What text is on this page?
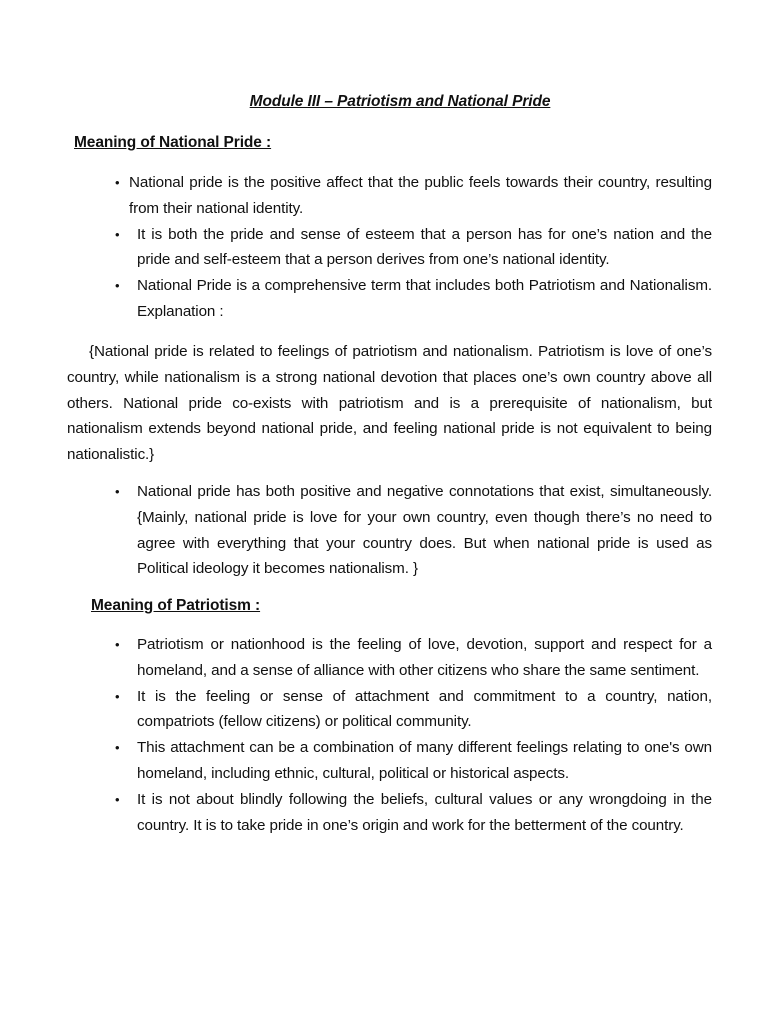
Module III – Patriotism and National Pride
Meaning of National Pride :
• National pride is the positive affect that the public feels towards their country, resulting from their national identity.
• It is both the pride and sense of esteem that a person has for one’s nation and the pride and self-esteem that a person derives from one’s national identity.
• National Pride is a comprehensive term that includes both Patriotism and Nationalism. Explanation :
{National pride is related to feelings of patriotism and nationalism. Patriotism is love of one’s country, while nationalism is a strong national devotion that places one’s own country above all others. National pride co-exists with patriotism and is a prerequisite of nationalism, but nationalism extends beyond national pride, and feeling national pride is not equivalent to being nationalistic.}
• National pride has both positive and negative connotations that exist, simultaneously. {Mainly, national pride is love for your own country, even though there’s no need to agree with everything that your country does. But when national pride is used as Political ideology it becomes nationalism. }
Meaning of Patriotism :
• Patriotism or nationhood is the feeling of love, devotion, support and respect for a homeland, and a sense of alliance with other citizens who share the same sentiment.
• It is the feeling or sense of attachment and commitment to a country, nation, compatriots (fellow citizens) or political community.
• This attachment can be a combination of many different feelings relating to one's own homeland, including ethnic, cultural, political or historical aspects.
• It is not about blindly following the beliefs, cultural values or any wrongdoing in the country. It is to take pride in one’s origin and work for the betterment of the country.
